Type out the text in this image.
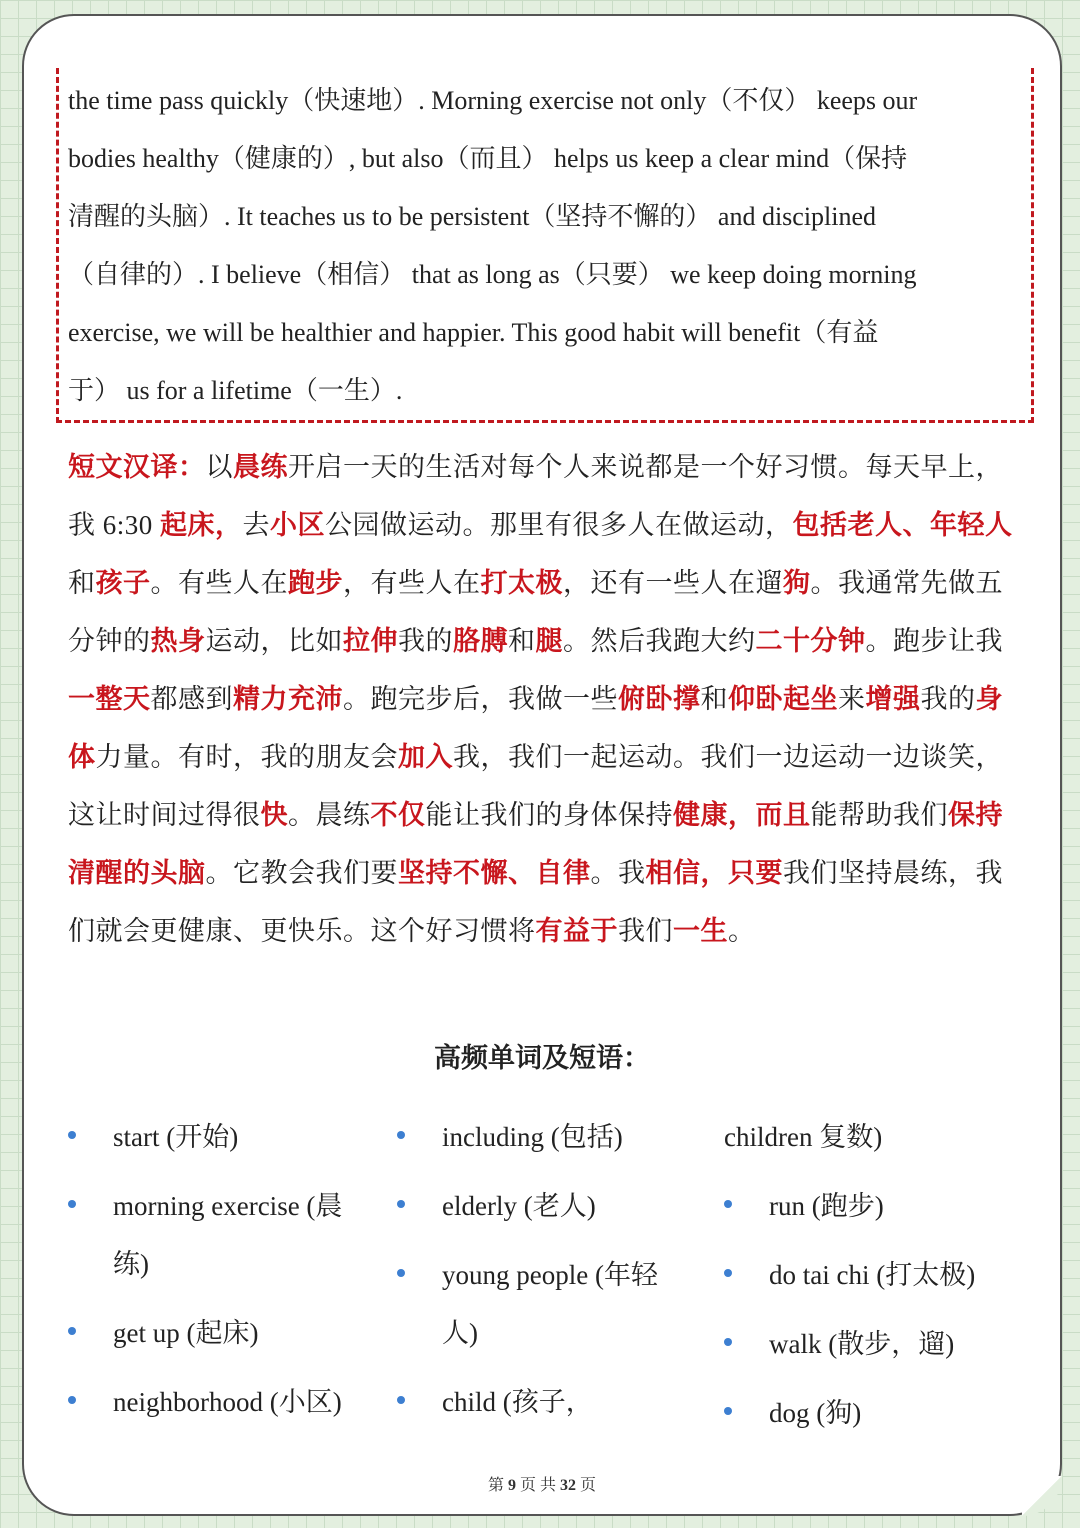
the time pass quickly（快速地）. Morning exercise not only（不仅） keeps our
bodies healthy（健康的）, but also（而且） helps us keep a clear mind（保持
清醒的头脑）. It teaches us to be persistent（坚持不懈的） and disciplined
（自律的）. I believe（相信） that as long as（只要） we keep doing morning
exercise, we will be healthier and happier. This good habit will benefit（有益
于） us for a lifetime（一生）.
短文汉译：以晨练开启一天的生活对每个人来说都是一个好习惯。每天早上，我 6:30 起床，去小区公园做运动。那里有很多人在做运动，包括老人、年轻人和孩子。有些人在跑步，有些人在打太极，还有一些人在遛狗。我通常先做五分钟的热身运动，比如拉伸我的胳膊和腿。然后我跑大约二十分钟。跑步让我一整天都感到精力充沛。跑完步后，我做一些俯卧撑和仰卧起坐来增强我的身体力量。有时，我的朋友会加入我，我们一起运动。我们一边运动一边谈笑，这让时间过得很快。晨练不仅能让我们的身体保持健康，而且能帮助我们保持清醒的头脑。它教会我们要坚持不懈、自律。我相信，只要我们坚持晨练，我们就会更健康、更快乐。这个好习惯将有益于我们一生。
高频单词及短语：
start (开始)
morning exercise (晨练)
get up (起床)
neighborhood (小区)
including (包括)
elderly (老人)
young people (年轻人)
child (孩子，
children 复数)
run (跑步)
do tai chi (打太极)
walk (散步，遛)
dog (狗)
第 9 页 共 32 页
